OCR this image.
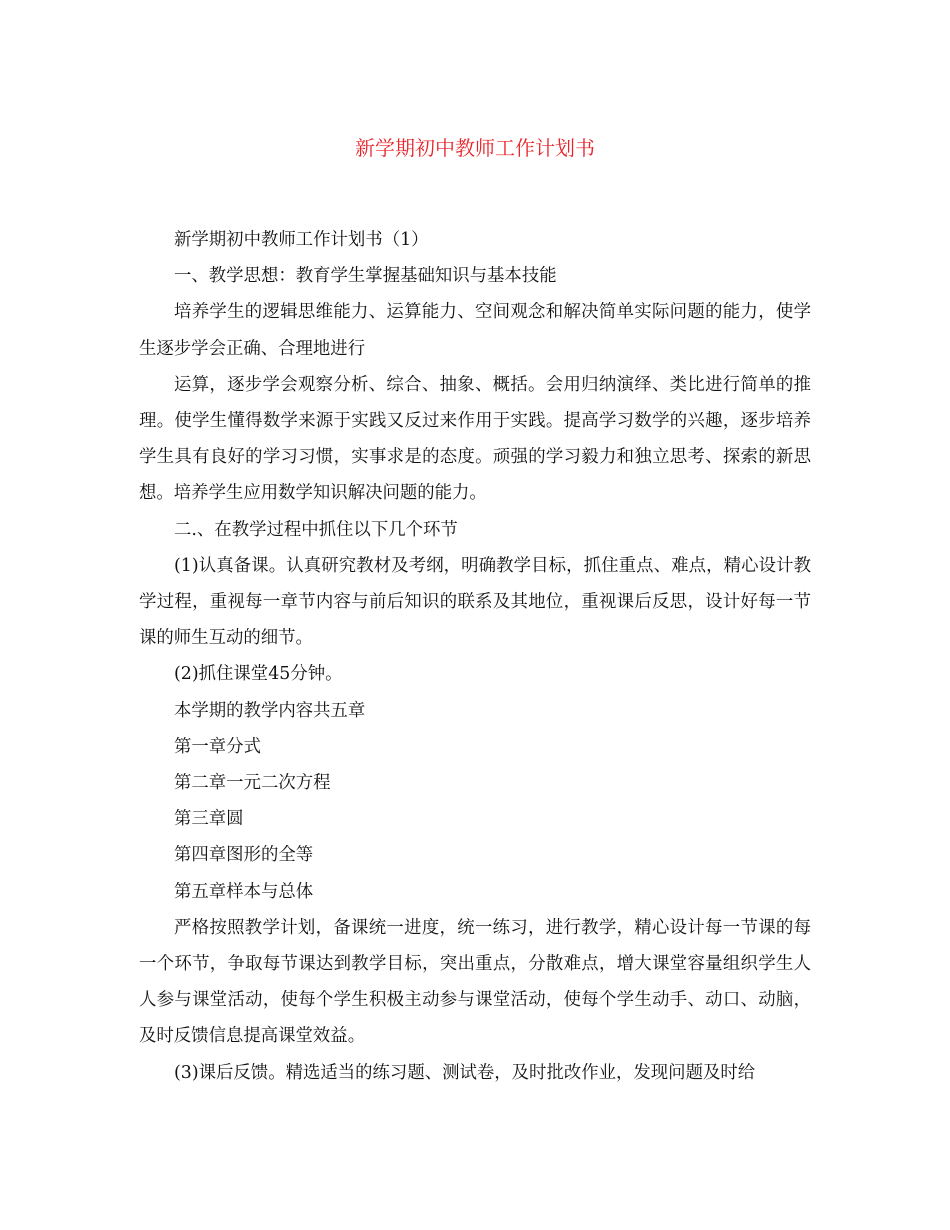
新学期初中教师工作计划书

新学期初中教师工作计划书（1）

一、教学思想：教育学生掌握基础知识与基本技能

培养学生的逻辑思维能力、运算能力、空间观念和解决简单实际问题的能力，使学生逐步学会正确、合理地进行

运算，逐步学会观察分析、综合、抽象、概括。会用归纳演绎、类比进行简单的推理。使学生懂得数学来源于实践又反过来作用于实践。提高学习数学的兴趣，逐步培养学生具有良好的学习习惯，实事求是的态度。顽强的学习毅力和独立思考、探索的新思想。培养学生应用数学知识解决问题的能力。

二.、在教学过程中抓住以下几个环节

(1)认真备课。认真研究教材及考纲，明确教学目标，抓住重点、难点，精心设计教学过程，重视每一章节内容与前后知识的联系及其地位，重视课后反思，设计好每一节课的师生互动的细节。

(2)抓住课堂45分钟。

本学期的教学内容共五章

第一章分式

第二章一元二次方程

第三章圆

第四章图形的全等

第五章样本与总体

严格按照教学计划，备课统一进度，统一练习，进行教学，精心设计每一节课的每一个环节，争取每节课达到教学目标，突出重点，分散难点，增大课堂容量组织学生人人参与课堂活动，使每个学生积极主动参与课堂活动，使每个学生动手、动口、动脑，及时反馈信息提高课堂效益。

(3)课后反馈。精选适当的练习题、测试卷，及时批改作业，发现问题及时给
